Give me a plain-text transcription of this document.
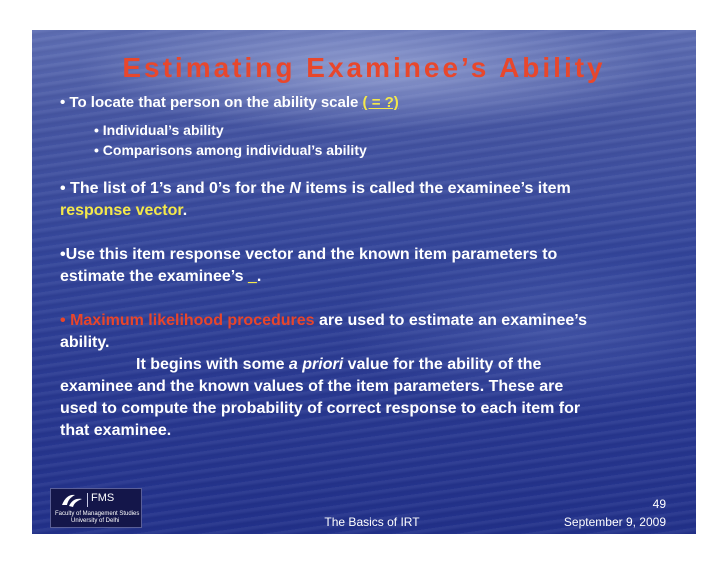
Estimating Examinee’s Ability

• To locate that person on the ability scale ( = ?)

• Individual’s ability

• Comparisons among individual’s ability

• The list of 1’s and 0’s for the N items is called the examinee’s item

response vector.

•Use this item response vector and the known item parameters to

estimate the examinee’s _.

• Maximum likelihood procedures are used to estimate an examinee’s

ability.

It begins with some a priori value for the ability of the

examinee and the known values of the item parameters. These are

used to compute the probability of correct response to each item for

that examinee.

FMS
Faculty of Management Studies
University of Delhi	The Basics of IRT
49
September 9, 2009
